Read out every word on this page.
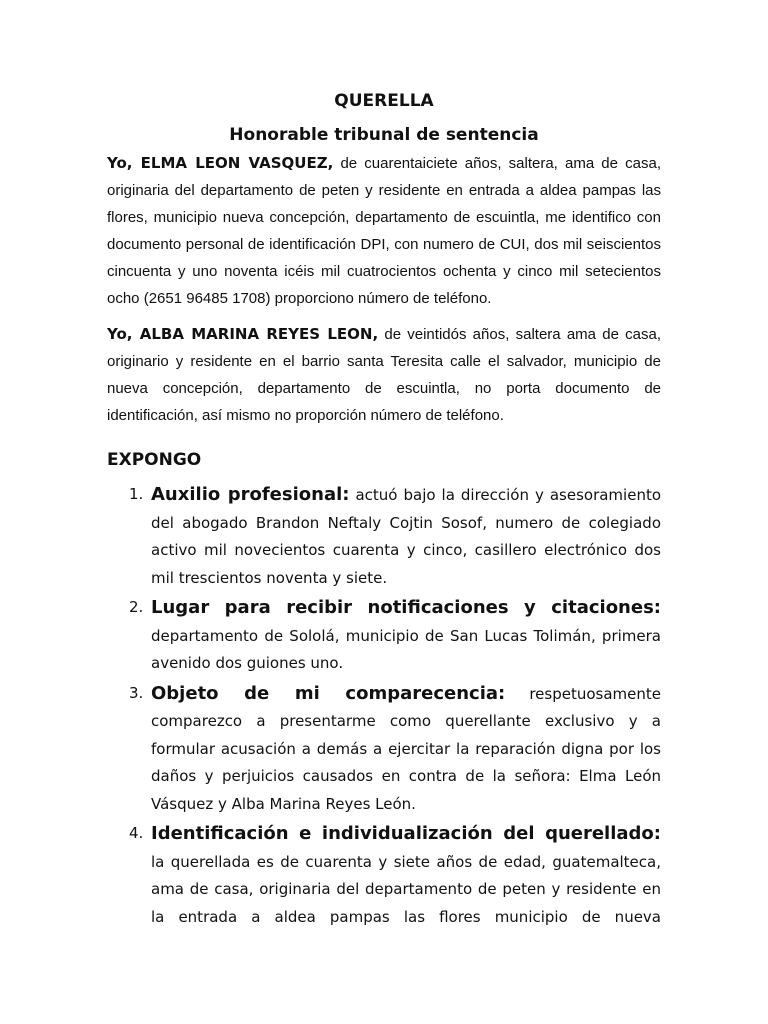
QUERELLA
Honorable tribunal de sentencia

Yo, ELMA LEON VASQUEZ, de cuarentaiciete años, saltera, ama de casa, originaria del departamento de peten y residente en entrada a aldea pampas las flores, municipio nueva concepción, departamento de escuintla, me identifico con documento personal de identificación DPI, con numero de CUI, dos mil seiscientos cincuenta y uno noventa icéis mil cuatrocientos ochenta y cinco mil setecientos ocho (2651 96485 1708) proporciono número de teléfono.

Yo, ALBA MARINA REYES LEON, de veintidós años, saltera ama de casa, originario y residente en el barrio santa Teresita calle el salvador, municipio de nueva concepción, departamento de escuintla, no porta documento de identificación, así mismo no proporción número de teléfono.

EXPONGO
1. Auxilio profesional: actuó bajo la dirección y asesoramiento del abogado Brandon Neftaly Cojtin Sosof, numero de colegiado activo mil novecientos cuarenta y cinco, casillero electrónico dos mil trescientos noventa y siete.

2. Lugar para recibir notificaciones y citaciones: departamento de Sololá, municipio de San Lucas Tolimán, primera avenido dos guiones uno.

3. Objeto de mi comparecencia: respetuosamente comparezco a presentarme como querellante exclusivo y a formular acusación a demás a ejercitar la reparación digna por los daños y perjuicios causados en contra de la señora: Elma León Vásquez y Alba Marina Reyes León.

4. Identificación e individualización del querellado: la querellada es de cuarenta y siete años de edad, guatemalteca, ama de casa, originaria del departamento de peten y residente en la entrada a aldea pampas las flores municipio de nueva
